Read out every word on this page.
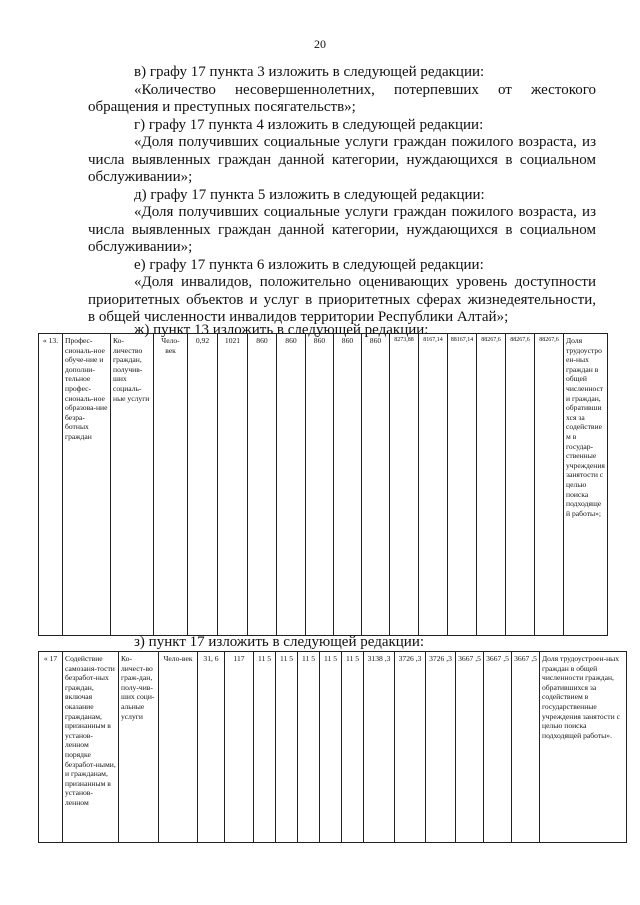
20
в) графу 17 пункта 3 изложить в следующей редакции:
«Количество несовершеннолетних, потерпевших от жестокого
обращения и преступных посягательств»;
г) графу 17 пункта 4 изложить в следующей редакции:
«Доля получивших социальные услуги граждан пожилого возраста, из
числа выявленных граждан данной категории, нуждающихся в социальном
обслуживании»;
д) графу 17 пункта 5 изложить в следующей редакции:
«Доля получивших социальные услуги граждан пожилого возраста, из
числа выявленных граждан данной категории, нуждающихся в социальном
обслуживании»;
е) графу 17 пункта 6 изложить в следующей редакции:
«Доля инвалидов, положительно оценивающих уровень доступности
приоритетных объектов и услуг в приоритетных сферах жизнедеятельности,
в общей численности инвалидов территории Республики Алтай»;
ж) пункт 13 изложить в следующей редакции:
« 13.	Профес-сиональ-ное обуче-ние и дополни-тельное профес-сиональ-ное образова-ние безра-ботных граждан	Ко-личество граждан, получив-ших социаль-ные услуги	Чело-век	0,92	1021	860	860	860	860	860	8273,88	8167,14	88167,14	88267,6	88267,6	88267,6	Доля трудоустроен-ных граждан в общей численности граждан, обратившихся за содействием в государ-ственные учреждения занятости с целью поиска подходящей работы»;
з) пункт 17 изложить в следующей редакции:
« 17	Содействие самозаня-тости безработ-ных граждан, включая оказание гражданам, признанным в установ-ленном порядке безработ-ными, и гражданам, признанным в установ-ленном	Ко-личест-во граж-дан, полу-чив-ших соци-альные услуги	Чело-век	31, 6	117	11 5	11 5	11 5	11 5	11 5	3138 ,3	3726 ,3	3726 ,3	3667 ,5	3667 ,5	3667 ,5	Доля трудоустроен-ных граждан в общей численности граждан, обратившихся за содействием в государственные учреждения занятости с целью поиска подходящей работы».
